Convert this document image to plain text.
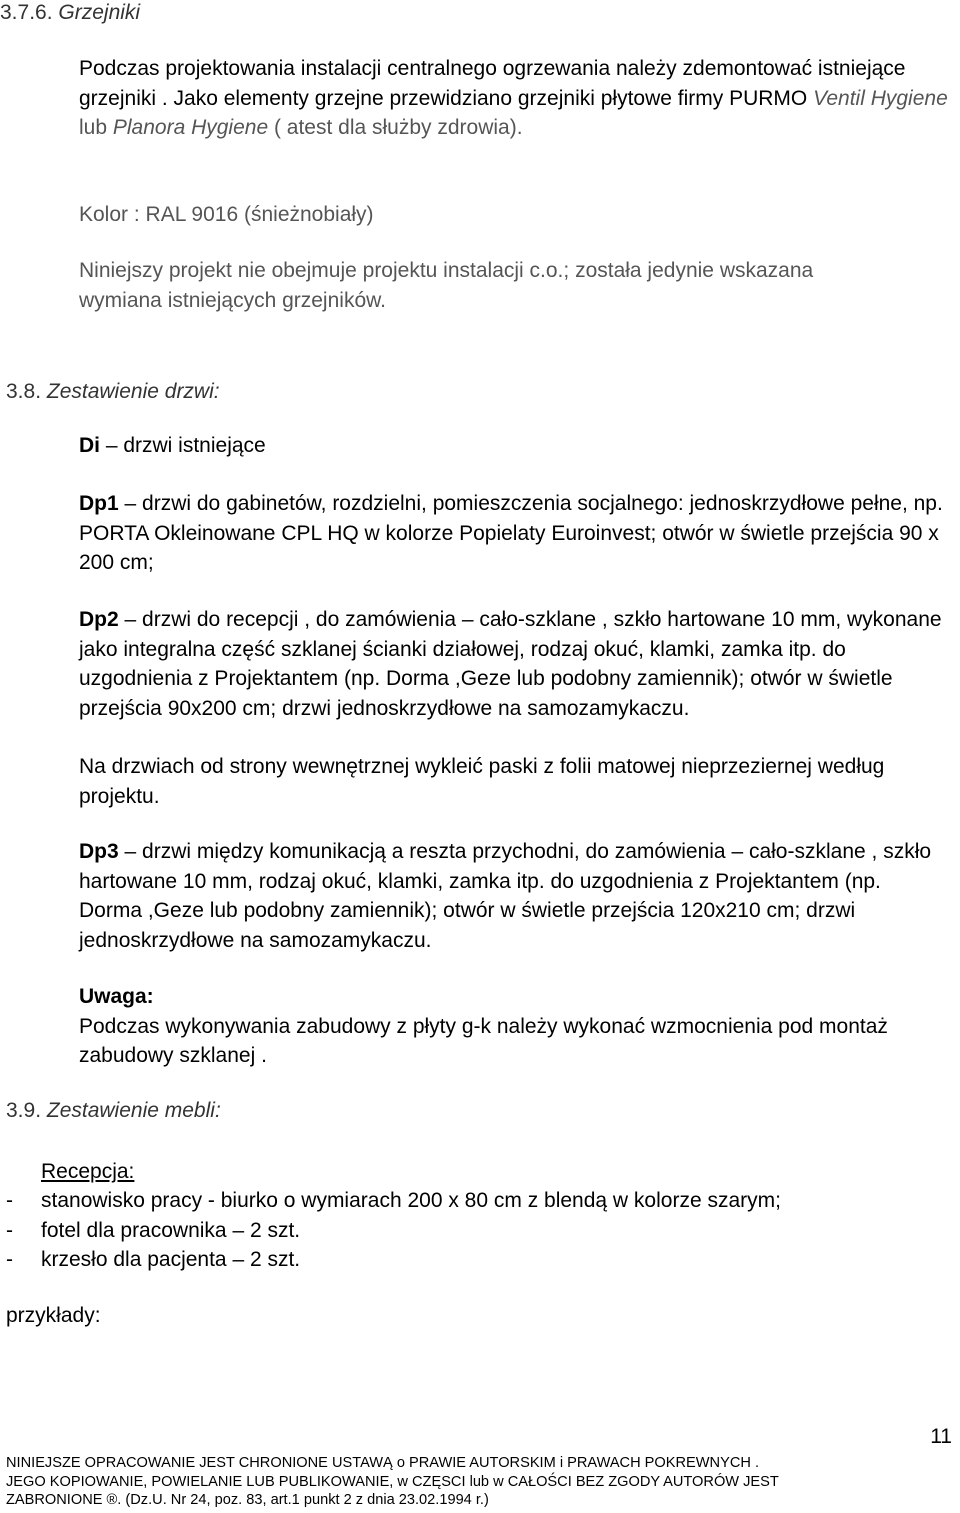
3.7.6. Grzejniki

Podczas projektowania instalacji centralnego ogrzewania należy zdemontować istniejące grzejniki . Jako elementy grzejne przewidziano grzejniki płytowe firmy PURMO Ventil Hygiene lub Planora Hygiene ( atest dla służby zdrowia).

Kolor : RAL 9016 (śnieżnobiały)

Niniejszy projekt nie obejmuje projektu instalacji c.o.; została jedynie wskazana wymiana istniejących grzejników.

3.8. Zestawienie drzwi:

Di – drzwi istniejące

Dp1 – drzwi do gabinetów, rozdzielni, pomieszczenia socjalnego: jednoskrzydłowe pełne, np. PORTA Okleinowane CPL HQ w kolorze Popielaty Euroinvest; otwór w świetle przejścia 90 x 200 cm;

Dp2 – drzwi do recepcji , do zamówienia – cało-szklane , szkło hartowane 10 mm, wykonane jako integralna część szklanej ścianki działowej, rodzaj okuć, klamki, zamka itp. do uzgodnienia z Projektantem (np. Dorma ,Geze lub podobny zamiennik); otwór w świetle przejścia 90x200 cm; drzwi jednoskrzydłowe na samozamykaczu.

Na drzwiach od strony wewnętrznej wykleić paski z folii matowej nieprzeziernej według projektu.

Dp3 – drzwi między komunikacją a reszta przychodni, do zamówienia – cało-szklane , szkło hartowane 10 mm, rodzaj okuć, klamki, zamka itp. do uzgodnienia z Projektantem (np. Dorma ,Geze lub podobny zamiennik); otwór w świetle przejścia 120x210 cm; drzwi jednoskrzydłowe na samozamykaczu.

Uwaga:
Podczas wykonywania zabudowy z płyty g-k należy wykonać wzmocnienia pod montaż zabudowy szklanej .

3.9. Zestawienie mebli:

Recepcja:

- stanowisko pracy - biurko o wymiarach 200 x 80 cm z blendą w kolorze szarym;
- fotel dla pracownika – 2 szt.
- krzesło dla pacjenta – 2 szt.

przykłady:

11
NINIEJSZE OPRACOWANIE JEST CHRONIONE USTAWĄ o PRAWIE AUTORSKIM i PRAWACH POKREWNYCH .
JEGO KOPIOWANIE, POWIELANIE LUB PUBLIKOWANIE, w CZĘSCI lub w CAŁOŚCI BEZ ZGODY AUTORÓW JEST
ZABRONIONE ®. (Dz.U. Nr 24, poz. 83, art.1 punkt 2 z dnia 23.02.1994 r.)
